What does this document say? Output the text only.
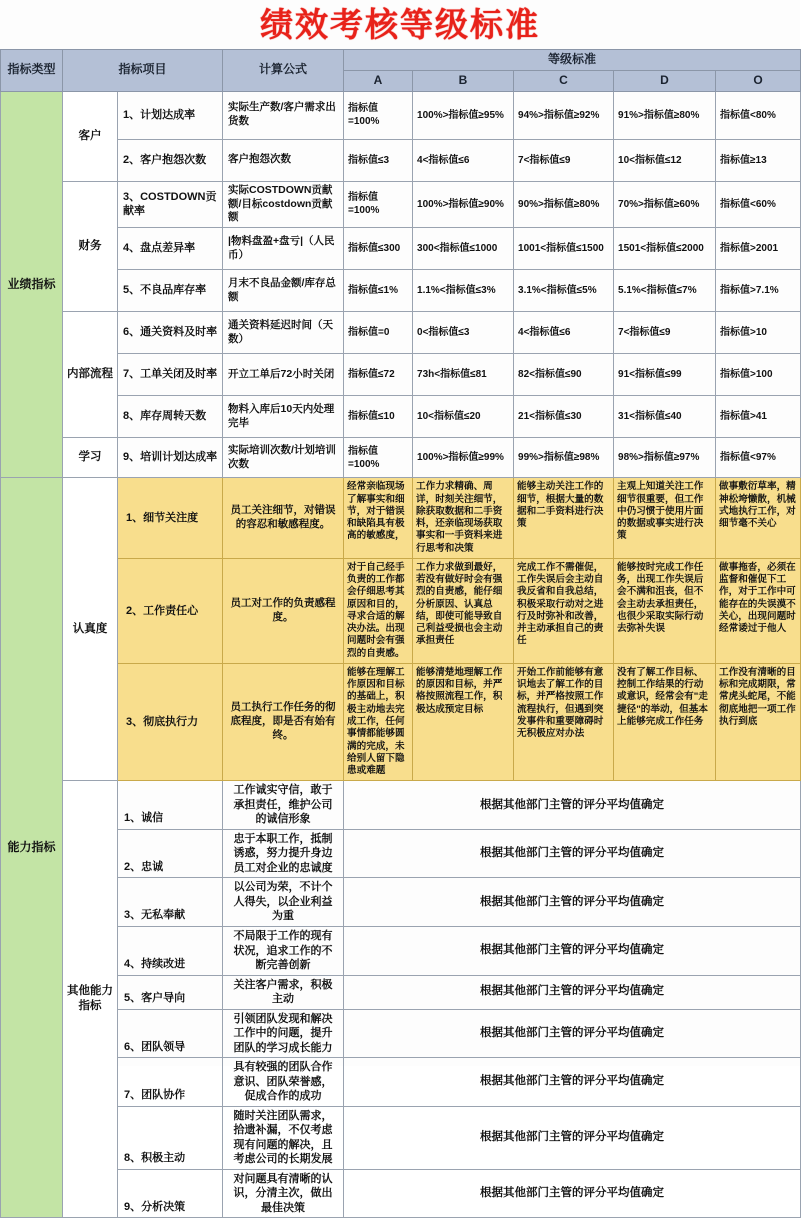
绩效考核等级标准
指标类型	指标项目		计算公式	等级标准				
				A	B	C	D	O
业绩指标	客户	1、计划达成率	实际生产数/客户需求出货数	指标值=100%	100%>指标值≥95%	94%>指标值≥92%	91%>指标值≥80%	指标值<80%
		2、客户抱怨次数	客户抱怨次数	指标值≤3	4<指标值≤6	7<指标值≤9	10<指标值≤12	指标值≥13
	财务	3、COSTDOWN贡献率	实际COSTDOWN贡献额/目标costdown贡献额	指标值=100%	100%>指标值≥90%	90%>指标值≥80%	70%>指标值≥60%	指标值<60%
		4、盘点差异率	|物料盘盈+盘亏|（人民币）	指标值≤300	300<指标值≤1000	1001<指标值≤1500	1501<指标值≤2000	指标值>2001
		5、不良品库存率	月末不良品金额/库存总额	指标值≤1%	1.1%<指标值≤3%	3.1%<指标值≤5%	5.1%<指标值≤7%	指标值>7.1%
	内部流程	6、通关资料及时率	通关资料延迟时间（天数）	指标值=0	0<指标值≤3	4<指标值≤6	7<指标值≤9	指标值>10
		7、工单关闭及时率	开立工单后72小时关闭	指标值≤72	73h<指标值≤81	82<指标值≤90	91<指标值≤99	指标值>100
		8、库存周转天数	物料入库后10天内处理完毕	指标值≤10	10<指标值≤20	21<指标值≤30	31<指标值≤40	指标值>41
	学习	9、培训计划达成率	实际培训次数/计划培训次数	指标值=100%	100%>指标值≥99%	99%>指标值≥98%	98%>指标值≥97%	指标值<97%
能力指标	认真度	1、细节关注度	员工关注细节，对错误的容忍和敏感程度。	经常亲临现场了解事实和细节，对于错误和缺陷具有极高的敏感度，	工作力求精确、周详，时刻关注细节，除获取数据和二手资料，还亲临现场获取事实和一手资料来进行思考和决策	能够主动关注工作的细节，根据大量的数据和二手资料进行决策	主观上知道关注工作细节很重要，但工作中仍习惯于使用片面的数据或事实进行决策	做事敷衍草率，精神松垮懒散，机械式地执行工作，对细节毫不关心
		2、工作责任心	员工对工作的负责感程度。	对于自己经手负责的工作都会仔细思考其原因和目的，寻求合适的解决办法。出现问题时会有强烈的自责感。	工作力求做到最好，若没有做好时会有强烈的自责感，能仔细分析原因、认真总结，即使可能导致自己利益受损也会主动承担责任	完成工作不需催促，工作失误后会主动自我反省和自我总结，积极采取行动对之进行及时弥补和改善，并主动承担自己的责任	能够按时完成工作任务，出现工作失误后会不满和沮丧，但不会主动去承担责任，也很少采取实际行动去弥补失误	做事拖沓，必须在监督和催促下工作，对于工作中可能存在的失误漠不关心，出现问题时经常诿过于他人
		3、彻底执行力	员工执行工作任务的彻底程度，即是否有始有终。	能够在理解工作原因和目标的基础上，积极主动地去完成工作，任何事情都能够圆满的完成，未给别人留下隐患或难题	能够清楚地理解工作的原因和目标，并严格按照流程工作，积极达成预定目标	开始工作前能够有意识地去了解工作的目标，并严格按照工作流程执行，但遇到突发事件和重要障碍时无积极应对办法	没有了解工作目标、控制工作结果的行动或意识，经常会有"走捷径"的举动，但基本上能够完成工作任务	工作没有清晰的目标和完成期限，常常虎头蛇尾，不能彻底地把一项工作执行到底
	其他能力指标	1、诚信	工作诚实守信，敢于承担责任，维护公司的诚信形象	根据其他部门主管的评分平均值确定				
		2、忠诚	忠于本职工作，抵制诱惑，努力提升身边员工对企业的忠诚度	根据其他部门主管的评分平均值确定				
		3、无私奉献	以公司为荣，不计个人得失，以企业利益为重	根据其他部门主管的评分平均值确定				
		4、持续改进	不局限于工作的现有状况，追求工作的不断完善创新	根据其他部门主管的评分平均值确定				
		5、客户导向	关注客户需求，积极主动	根据其他部门主管的评分平均值确定				
		6、团队领导	引领团队发现和解决工作中的问题，提升团队的学习成长能力	根据其他部门主管的评分平均值确定				
		7、团队协作	具有较强的团队合作意识、团队荣誉感，促成合作的成功	根据其他部门主管的评分平均值确定				
		8、积极主动	随时关注团队需求，拾遗补漏，不仅考虑现有问题的解决，且考虑公司的长期发展	根据其他部门主管的评分平均值确定				
		9、分析决策	对问题具有清晰的认识，分清主次，做出最佳决策	根据其他部门主管的评分平均值确定				
